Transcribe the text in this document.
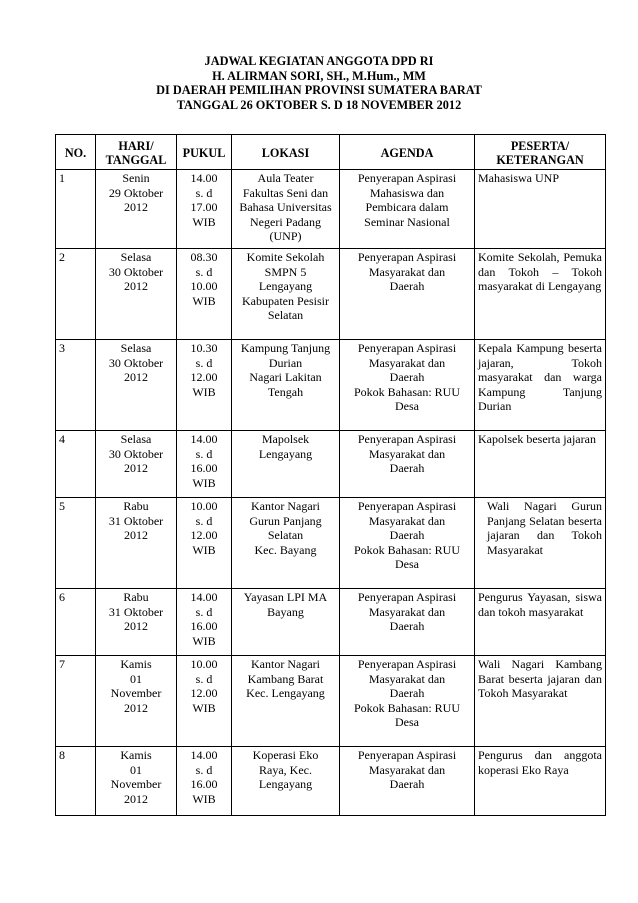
JADWAL KEGIATAN ANGGOTA DPD RI
H. ALIRMAN SORI, SH., M.Hum., MM
DI DAERAH PEMILIHAN PROVINSI SUMATERA BARAT
TANGGAL 26 OKTOBER S. D 18 NOVEMBER 2012
NO.	HARI/
TANGGAL	PUKUL	LOKASI	AGENDA	PESERTA/
KETERANGAN

1	Senin
29 Oktober
2012	14.00
s. d
17.00
WIB	Aula Teater
Fakultas Seni dan
Bahasa Universitas
Negeri Padang
(UNP)	Penyerapan Aspirasi
Mahasiswa dan
Pembicara dalam
Seminar Nasional	Mahasiswa UNP
2	Selasa
30 Oktober
2012	08.30
s. d
10.00
WIB	Komite Sekolah
SMPN 5
Lengayang
Kabupaten Pesisir
Selatan	Penyerapan Aspirasi
Masyarakat dan
Daerah	Komite Sekolah, Pemuka dan Tokoh – Tokoh masyarakat di Lengayang
3	Selasa
30 Oktober
2012	10.30
s. d
12.00
WIB	Kampung Tanjung
Durian
Nagari Lakitan
Tengah	Penyerapan Aspirasi
Masyarakat dan
Daerah
Pokok Bahasan: RUU
Desa	Kepala Kampung beserta jajaran, Tokoh masyarakat dan warga Kampung Tanjung Durian
4	Selasa
30 Oktober
2012	14.00
s. d
16.00
WIB	Mapolsek
Lengayang	Penyerapan Aspirasi
Masyarakat dan
Daerah	Kapolsek beserta jajaran
5	Rabu
31 Oktober
2012	10.00
s. d
12.00
WIB	Kantor Nagari
Gurun Panjang
Selatan
Kec. Bayang	Penyerapan Aspirasi
Masyarakat dan
Daerah
Pokok Bahasan: RUU
Desa	Wali Nagari Gurun Panjang Selatan beserta jajaran dan Tokoh Masyarakat
6	Rabu
31 Oktober
2012	14.00
s. d
16.00
WIB	Yayasan LPI MA
Bayang	Penyerapan Aspirasi
Masyarakat dan
Daerah	Pengurus Yayasan, siswa dan tokoh masyarakat
7	Kamis
01
November
2012	10.00
s. d
12.00
WIB	Kantor Nagari
Kambang Barat
Kec. Lengayang	Penyerapan Aspirasi
Masyarakat dan
Daerah
Pokok Bahasan: RUU
Desa	Wali Nagari Kambang Barat beserta jajaran dan Tokoh Masyarakat
8	Kamis
01
November
2012	14.00
s. d
16.00
WIB	Koperasi Eko
Raya, Kec.
Lengayang	Penyerapan Aspirasi
Masyarakat dan
Daerah	Pengurus dan anggota koperasi Eko Raya
